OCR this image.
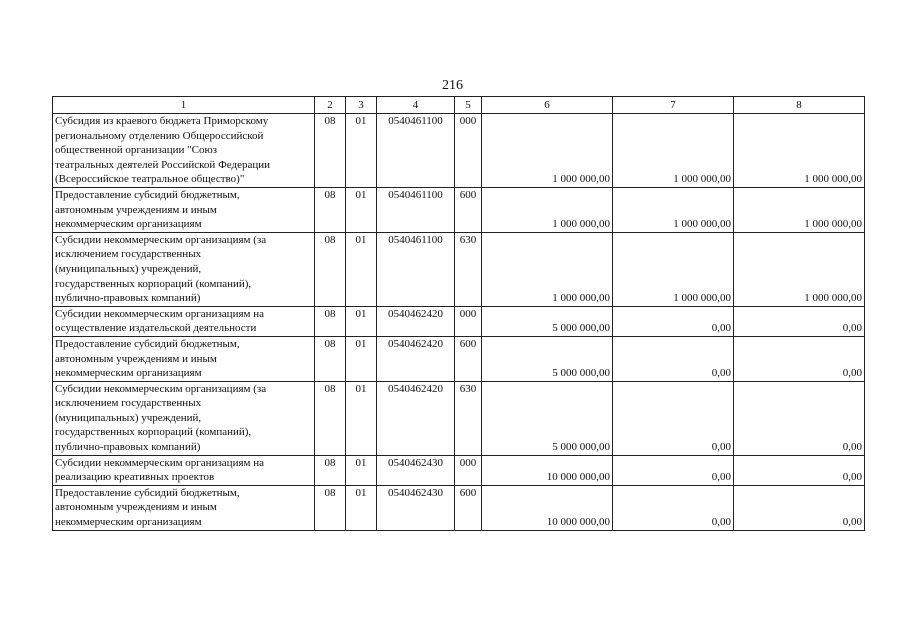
216
1	2	3	4	5	6	7	8

Субсидия из краевого бюджета Приморскому
региональному отделению Общероссийской
общественной организации "Союз
театральных деятелей Российской Федерации
(Всероссийское театральное общество)"	08	01	0540461100	000	1 000 000,00	1 000 000,00	1 000 000,00

Предоставление субсидий бюджетным,
автономным учреждениям и иным
некоммерческим организациям	08	01	0540461100	600	1 000 000,00	1 000 000,00	1 000 000,00

Субсидии некоммерческим организациям (за
исключением государственных
(муниципальных) учреждений,
государственных корпораций (компаний),
публично-правовых компаний)	08	01	0540461100	630	1 000 000,00	1 000 000,00	1 000 000,00

Субсидии некоммерческим организациям на
осуществление издательской деятельности	08	01	0540462420	000	5 000 000,00	0,00	0,00

Предоставление субсидий бюджетным,
автономным учреждениям и иным
некоммерческим организациям	08	01	0540462420	600	5 000 000,00	0,00	0,00

Субсидии некоммерческим организациям (за
исключением государственных
(муниципальных) учреждений,
государственных корпораций (компаний),
публично-правовых компаний)	08	01	0540462420	630	5 000 000,00	0,00	0,00

Субсидии некоммерческим организациям на
реализацию креативных проектов	08	01	0540462430	000	10 000 000,00	0,00	0,00

Предоставление субсидий бюджетным,
автономным учреждениям и иным
некоммерческим организациям	08	01	0540462430	600	10 000 000,00	0,00	0,00
